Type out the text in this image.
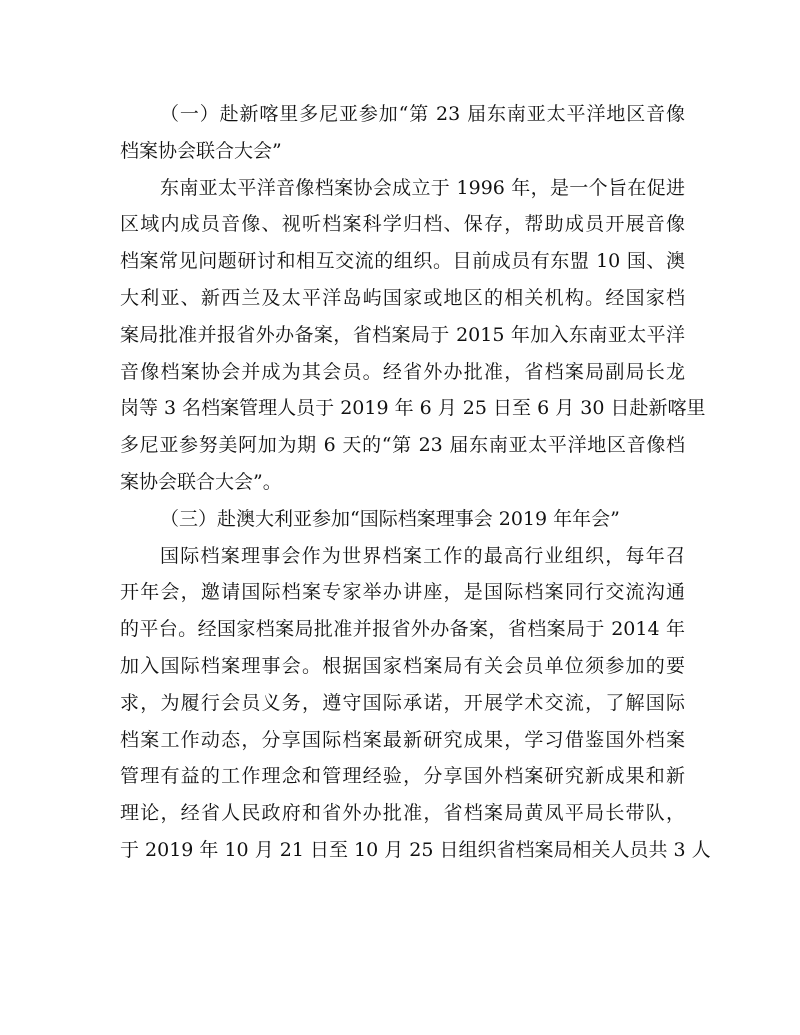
（一）赴新喀里多尼亚参加“第 23 届东南亚太平洋地区音像
档案协会联合大会”
东南亚太平洋音像档案协会成立于 1996 年，是一个旨在促进
区域内成员音像、视听档案科学归档、保存，帮助成员开展音像
档案常见问题研讨和相互交流的组织。目前成员有东盟 10 国、澳
大利亚、新西兰及太平洋岛屿国家或地区的相关机构。经国家档
案局批准并报省外办备案，省档案局于 2015 年加入东南亚太平洋
音像档案协会并成为其会员。经省外办批准，省档案局副局长龙
岗等 3 名档案管理人员于 2019 年 6 月 25 日至 6 月 30 日赴新喀里
多尼亚参努美阿加为期 6 天的“第 23 届东南亚太平洋地区音像档
案协会联合大会”。
（三）赴澳大利亚参加“国际档案理事会 2019 年年会”
国际档案理事会作为世界档案工作的最高行业组织，每年召
开年会，邀请国际档案专家举办讲座，是国际档案同行交流沟通
的平台。经国家档案局批准并报省外办备案，省档案局于 2014 年
加入国际档案理事会。根据国家档案局有关会员单位须参加的要
求，为履行会员义务，遵守国际承诺，开展学术交流，了解国际
档案工作动态，分享国际档案最新研究成果，学习借鉴国外档案
管理有益的工作理念和管理经验，分享国外档案研究新成果和新
理论，经省人民政府和省外办批准，省档案局黄凤平局长带队，
于 2019 年 10 月 21 日至 10 月 25 日组织省档案局相关人员共 3 人
